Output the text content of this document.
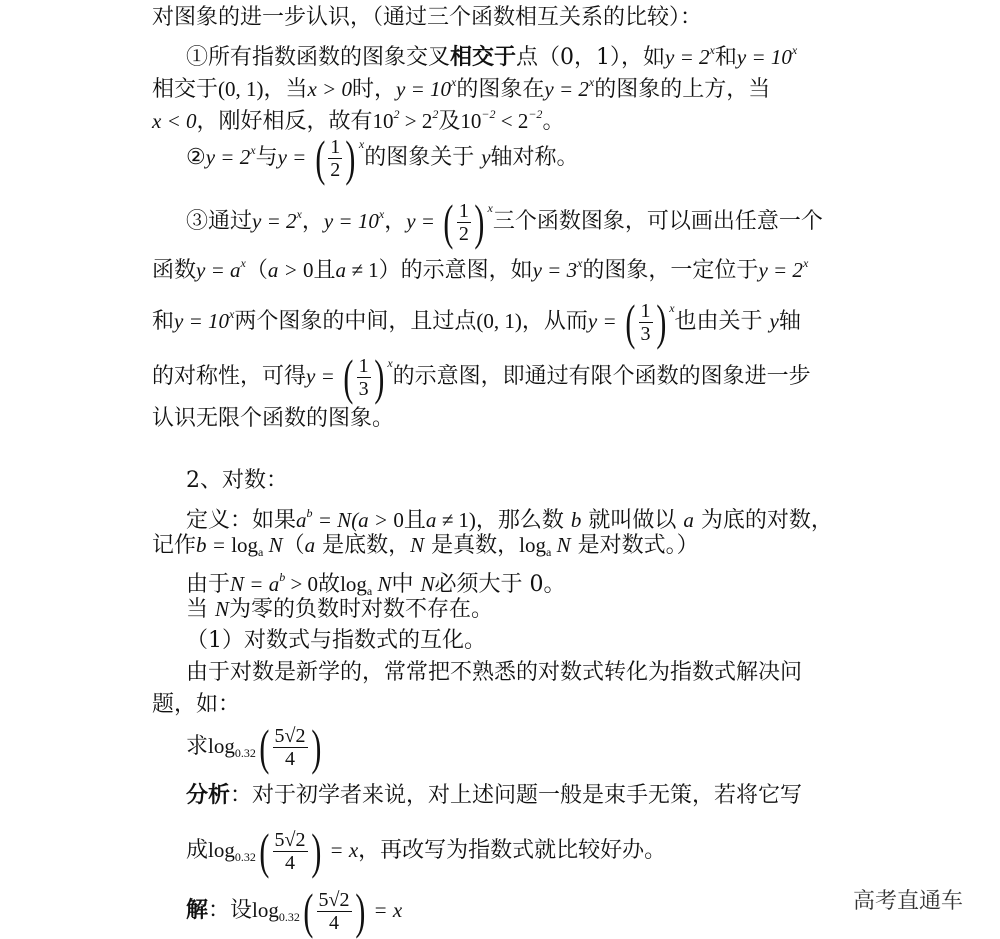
对图象的进一步认识，（通过三个函数相互关系的比较）：
①所有指数函数的图象交叉相交于点（0，1），如$y = 2^x$和$y = 10^x$
相交于(0, 1)，当x > 0时，$y = 10^x$的图象在$y = 2^x$的图象的上方，当
x < 0，刚好相反，故有$10^2 > 2^2$及$10^{-2} < 2^{-2}$。
②y = $2^x$与y = ( $\frac{1}{2}$ ) $^x$
的图象关于 y轴对称。
③通过$y = 2^x$，$y = 10^x$，y = ( $\frac{1}{2}$ ) $^x$
三个函数图象，可以画出任意一个
函数$y = a^x(a > 0$且a ≠ 1）的示意图，如$y = 3^x$的图象，一定位于$y = 2^x$
和$y = 10^x$两个图象的中间，且过点(0, 1)，从而y = ( $\frac{1}{3}$ ) $^x$
也由关于 y轴
的对称性，可得y = ( $\frac{1}{3}$ ) $^x$
的示意图，即通过有限个函数的图象进一步
认识无限个函数的图象。
2、对数：
定义：如果$a^b = N(a > 0$且a ≠ 1)，那么数 b 就叫做以 a 为底的对数，
记作$b = \log_a N(a$ 是底数，N 是真数，$\log_a N$ 是对数式。）
由于$N = a^b > 0$故$\log_a N$中 N必须大于 0。
当 N为零的负数时对数不存在。
（1）对数式与指数式的互化。
由于对数是新学的，常常把不熟悉的对数式转化为指数式解决问
题，如：
求$\log_{0.32}$ ( $\frac{5√2}{4}$ )
分析：对于初学者来说，对上述问题一般是束手无策，若将它写
成$\log_{0.32}$ ( $\frac{5√2}{4}$ ) = x，再改写为指数式就比较好办。
解：设$\log_{0.32}$ ( $\frac{5√2}{4}$ ) = x	高考直通车
